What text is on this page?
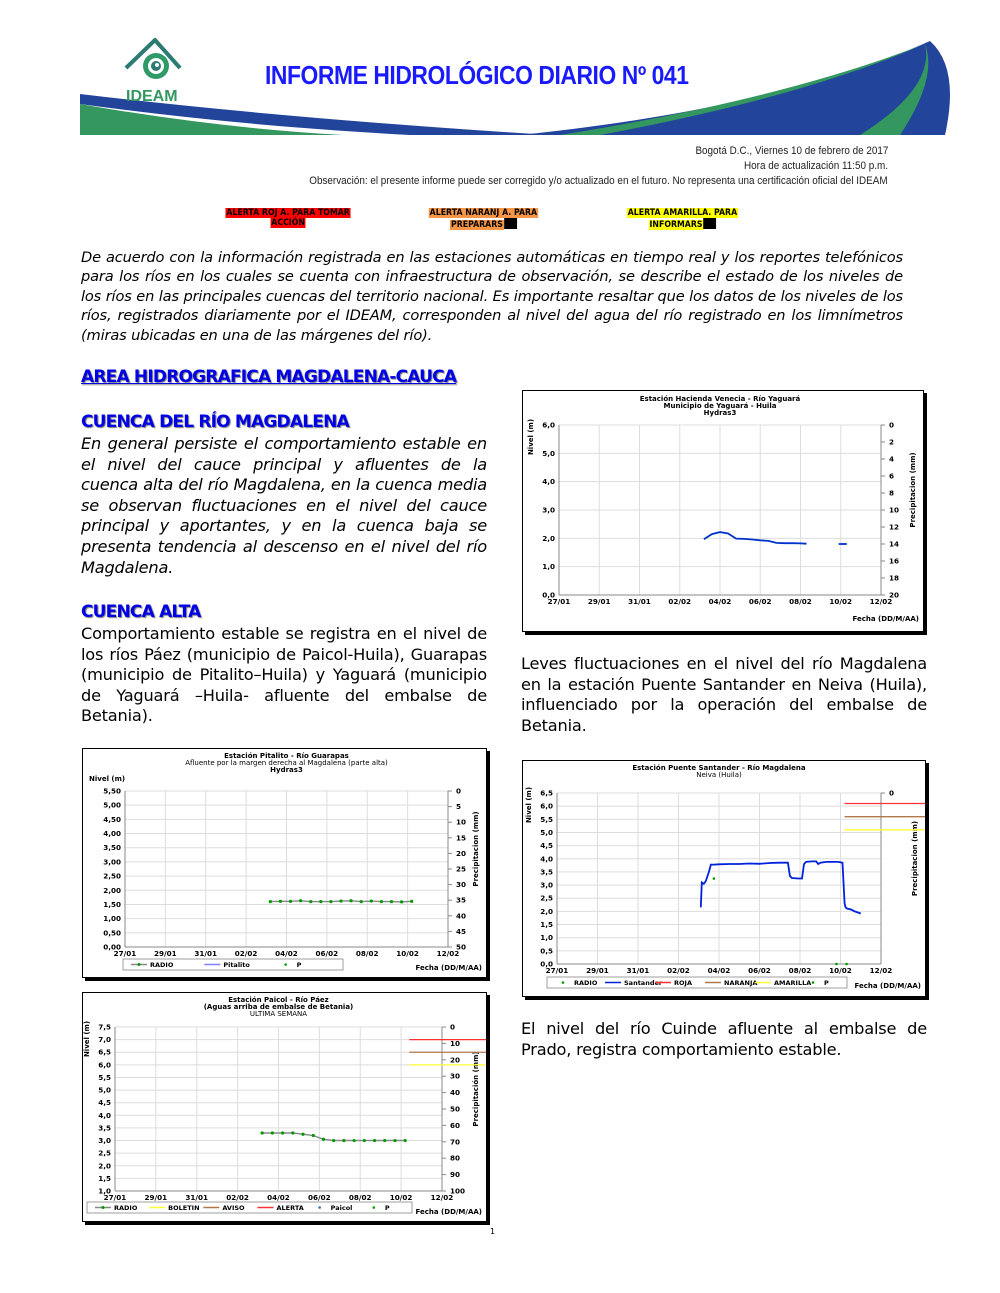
IDEAM
INFORME HIDROLÓGICO DIARIO Nº 041
Bogotá D.C., Viernes 10 de febrero de 2017
Hora de actualización 11:50 p.m.
Observación: el presente informe puede ser corregido y/o actualizado en el futuro. No representa una certificación oficial del IDEAM
ALERTA ROJ A. PARA TOMAR
ACCIÓN
ALERTA NARANJ A. PARA
PREPARARS
ALERTA AMARILLA. PARA
INFORMARS
De acuerdo con la información registrada en las estaciones automáticas en tiempo real y los reportes telefónicos para los ríos en los cuales se cuenta con infraestructura de observación, se describe el estado de los niveles de los ríos en las principales cuencas del territorio nacional. Es importante resaltar que los datos de los niveles de los ríos, registrados diariamente por el IDEAM, corresponden al nivel del agua del río registrado en los limnímetros (miras ubicadas en una de las márgenes del río).
AREA HIDROGRAFICA MAGDALENA-CAUCA
CUENCA DEL RÍO MAGDALENA
En general persiste el comportamiento estable en el nivel del cauce principal y afluentes de la cuenca alta del río Magdalena, en la cuenca media se observan fluctuaciones en el nivel del cauce principal y aportantes, y en la cuenca baja se presenta tendencia al descenso en el nivel del río Magdalena.
CUENCA ALTA
Comportamiento estable se registra en el nivel de los ríos Páez (municipio de Paicol-Huila), Guarapas (municipio de Pitalito–Huila) y Yaguará (municipio de Yaguará –Huila- afluente del embalse de Betania).
Leves fluctuaciones en el nivel del río Magdalena en la estación Puente Santander en Neiva (Huila), influenciado por la operación del embalse de Betania.
El nivel del río Cuinde afluente al embalse de Prado, registra comportamiento estable.
Estación Hacienda Venecia - Río Yaguará
Municipio de Yaguará - Huila
Hydras3
0,0
1,0
2,0
3,0
4,0
5,0
6,0
27/01 29/01 31/01 02/02 04/02 06/02 08/02 10/02 12/02
0
2
4
6
8
10
12
14
16
18
20
Nivel (m)
Precipitacion (mm)
Fecha (DD/M/AA)
Estación Pitalito - Río Guarapas
Afluente por la margen derecha al Magdalena (parte alta)
Hydras3
0,00
0,50
1,00
1,50
2,00
2,50
3,00
3,50
4,00
4,50
5,00
5,50
27/01 29/01 31/01 02/02 04/02 06/02 08/02 10/02 12/02
0
5
10
15
20
25
30
35
40
45
50
Nivel (m)
Precipitacion (mm)
Fecha (DD/M/AA)
RADIO	Pitalito	P
Estación Paicol - Río Páez
(Aguas arriba de embalse de Betania)
ULTIMA SEMANA
1,0
1,5
2,0
2,5
3,0
3,5
4,0
4,5
5,0
5,5
6,0
6,5
7,0
7,5
27/01	29/01	31/01	02/02	04/02	06/02	08/02	10/02	12/02
0
10
20
30
40
50
60
70
80
90
100
Nivel (m)
Precipitación (mm)
Fecha (DD/M/AA)
RADIO	BOLETIN	AVISO	ALERTA	Paicol	P
Estación Puente Santander - Río Magdalena
Neiva (Huila)
0,0
0,5
1,0
1,5
2,0
2,5
3,0
3,5
4,0
4,5
5,0
5,5
6,0
6,5
27/01 29/01 31/01 02/02 04/02 06/02 08/02 10/02 12/02
0
Nivel (m)
Precipitacion (mm)
Fecha (DD/M/AA)
RADIO	Santander ROJA	NARANJA	AMARILLA P
1
